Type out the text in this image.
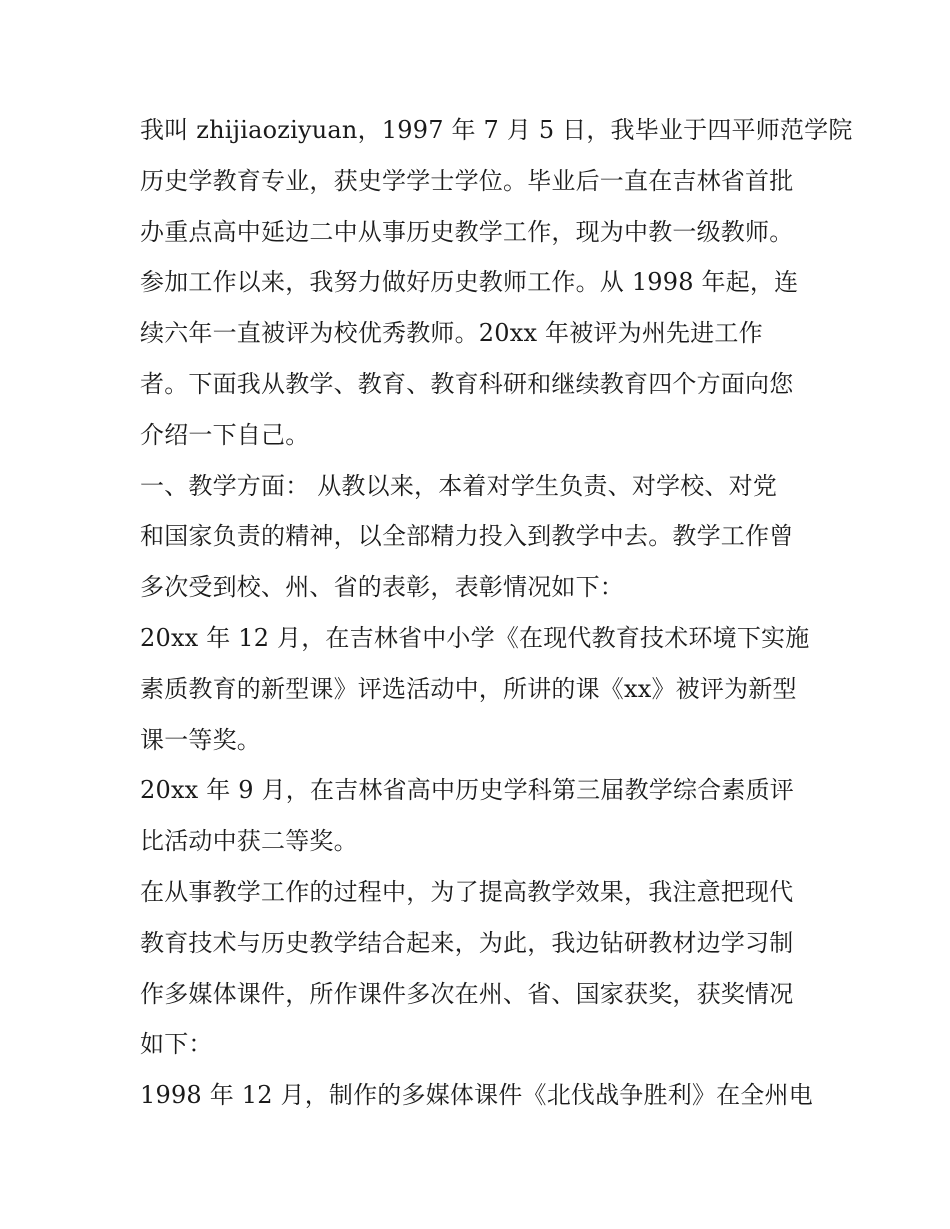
我叫 zhijiaoziyuan，1997 年 7 月 5 日，我毕业于四平师范学院
历史学教育专业，获史学学士学位。毕业后一直在吉林省首批
办重点高中延边二中从事历史教学工作，现为中教一级教师。
参加工作以来，我努力做好历史教师工作。从 1998 年起，连
续六年一直被评为校优秀教师。20xx 年被评为州先进工作
者。下面我从教学、教育、教育科研和继续教育四个方面向您
介绍一下自己。
一、教学方面： 从教以来，本着对学生负责、对学校、对党
和国家负责的精神，以全部精力投入到教学中去。教学工作曾
多次受到校、州、省的表彰，表彰情况如下：
20xx 年 12 月，在吉林省中小学《在现代教育技术环境下实施
素质教育的新型课》评选活动中，所讲的课《xx》被评为新型
课一等奖。
20xx 年 9 月，在吉林省高中历史学科第三届教学综合素质评
比活动中获二等奖。
在从事教学工作的过程中，为了提高教学效果，我注意把现代
教育技术与历史教学结合起来，为此，我边钻研教材边学习制
作多媒体课件，所作课件多次在州、省、国家获奖，获奖情况
如下：
1998 年 12 月，制作的多媒体课件《北伐战争胜利》在全州电
